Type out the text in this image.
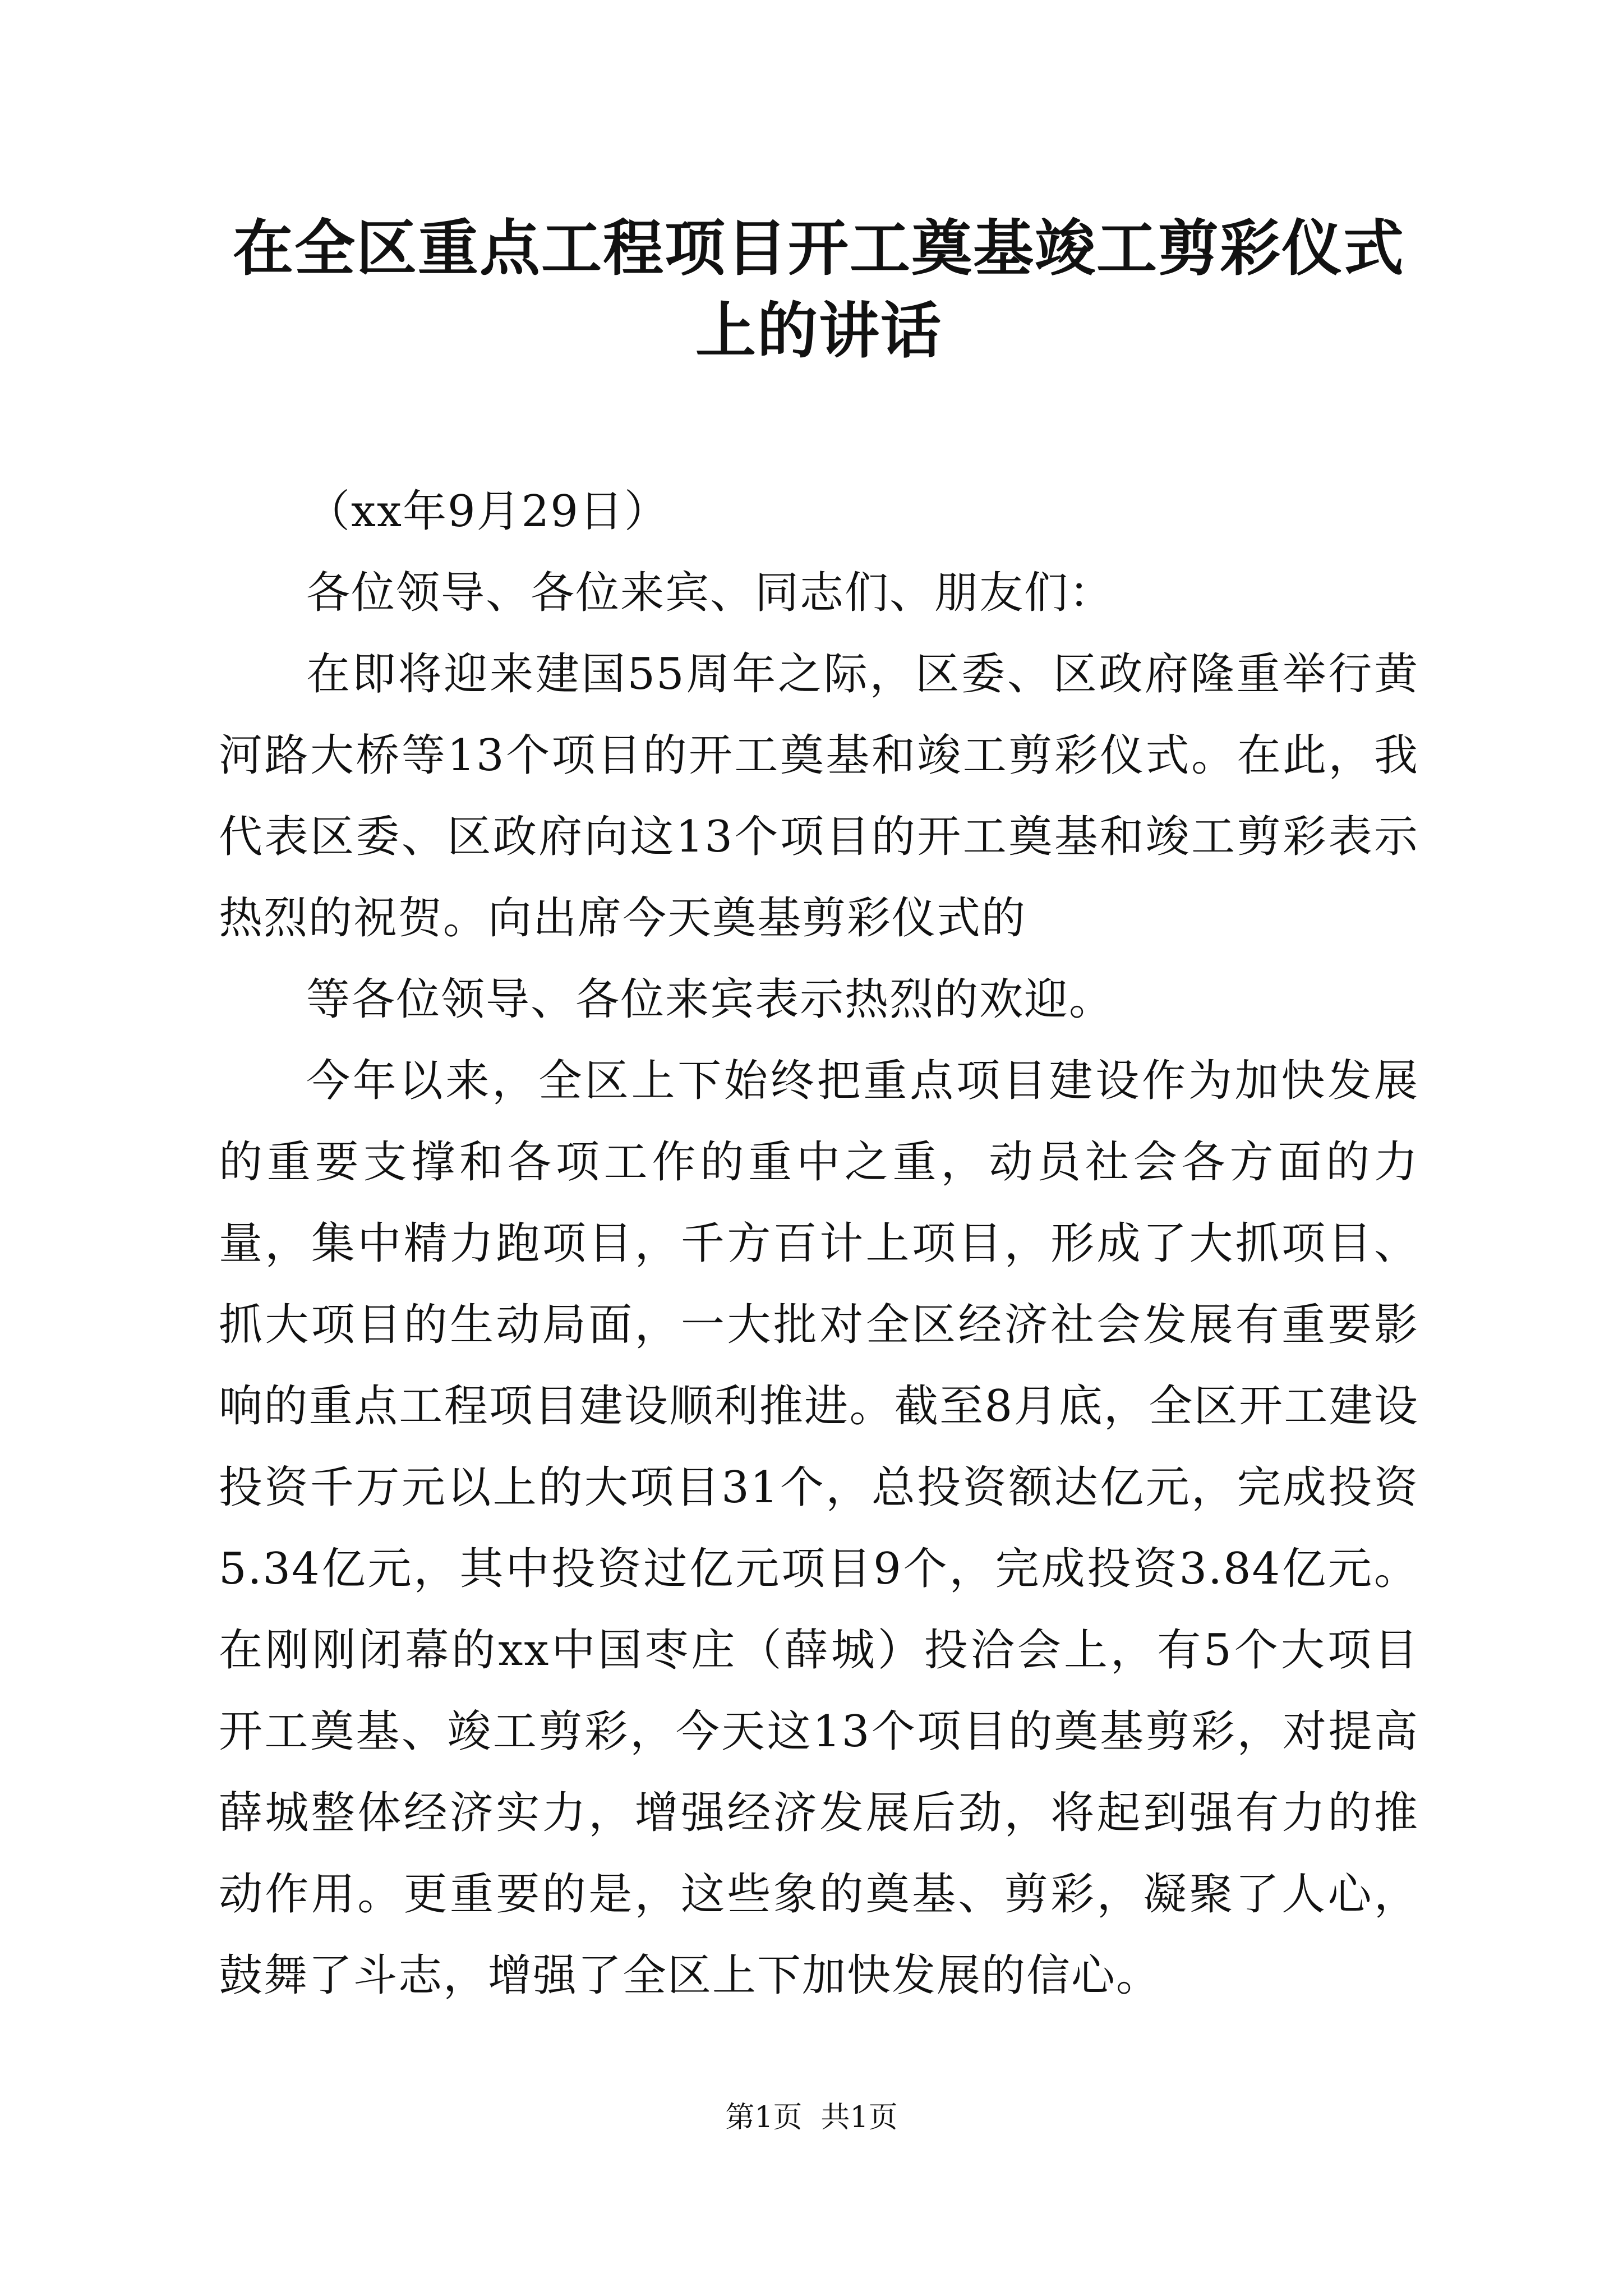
在全区重点工程项目开工奠基竣工剪彩仪式上的讲话

（xx年9月29日）

各位领导、各位来宾、同志们、朋友们：

在即将迎来建国55周年之际，区委、区政府隆重举行黄河路大桥等13个项目的开工奠基和竣工剪彩仪式。在此，我代表区委、区政府向这13个项目的开工奠基和竣工剪彩表示热烈的祝贺。向出席今天奠基剪彩仪式的

等各位领导、各位来宾表示热烈的欢迎。

今年以来，全区上下始终把重点项目建设作为加快发展的重要支撑和各项工作的重中之重，动员社会各方面的力量，集中精力跑项目，千方百计上项目，形成了大抓项目、抓大项目的生动局面，一大批对全区经济社会发展有重要影响的重点工程项目建设顺利推进。截至8月底，全区开工建设投资千万元以上的大项目31个，总投资额达亿元，完成投资5.34亿元，其中投资过亿元项目9个，完成投资3.84亿元。在刚刚闭幕的xx中国枣庄（薛城）投洽会上，有5个大项目开工奠基、竣工剪彩，今天这13个项目的奠基剪彩，对提高薛城整体经济实力，增强经济发展后劲，将起到强有力的推动作用。更重要的是，这些象的奠基、剪彩，凝聚了人心，鼓舞了斗志，增强了全区上下加快发展的信心。

第1页  共1页
